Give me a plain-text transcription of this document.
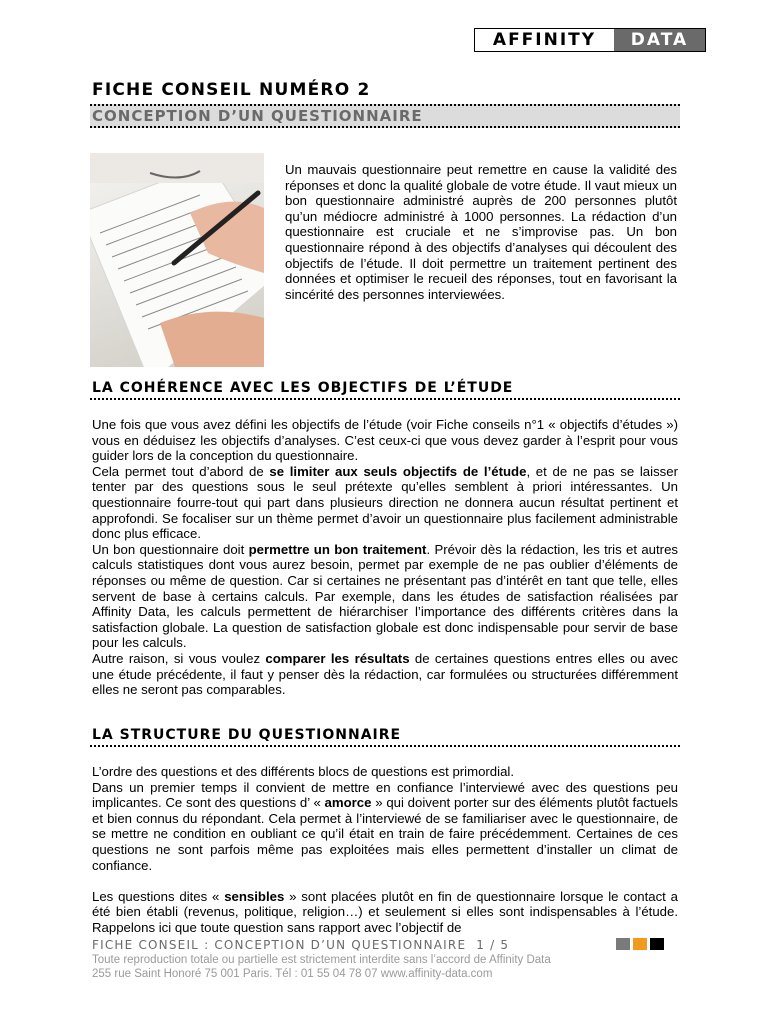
AFFINITY	DATA
FICHE CONSEIL NUMÉRO 2
CONCEPTION D’UN QUESTIONNAIRE
Un mauvais questionnaire peut remettre en cause la validité des réponses et donc la qualité globale de votre étude. Il vaut mieux un bon questionnaire administré auprès de 200 personnes plutôt qu’un médiocre administré à 1000 personnes. La rédaction d’un questionnaire est cruciale et ne s’improvise pas. Un bon questionnaire répond à des objectifs d’analyses qui découlent des objectifs de l’étude. Il doit permettre un traitement pertinent des données et optimiser le recueil des réponses, tout en favorisant la sincérité des personnes interviewées.
LA COHÉRENCE AVEC LES OBJECTIFS DE L’ÉTUDE

Une fois que vous avez défini les objectifs de l’étude (voir Fiche conseils n°1 « objectifs d’études ») vous en déduisez les objectifs d’analyses. C’est ceux-ci que vous devez garder à l’esprit pour vous guider lors de la conception du questionnaire.

Cela permet tout d’abord de se limiter aux seuls objectifs de l’étude, et de ne pas se laisser tenter par des questions sous le seul prétexte qu’elles semblent à priori intéressantes. Un questionnaire fourre-tout qui part dans plusieurs direction ne donnera aucun résultat pertinent et approfondi. Se focaliser sur un thème permet d’avoir un questionnaire plus facilement administrable donc plus efficace.

Un bon questionnaire doit permettre un bon traitement. Prévoir dès la rédaction, les tris et autres calculs statistiques dont vous aurez besoin, permet par exemple de ne pas oublier d’éléments de réponses ou même de question. Car si certaines ne présentant pas d’intérêt en tant que telle, elles servent de base à certains calculs. Par exemple, dans les études de satisfaction réalisées par Affinity Data, les calculs permettent de hiérarchiser l’importance des différents critères dans la satisfaction globale. La question de satisfaction globale est donc indispensable pour servir de base pour les calculs.

Autre raison, si vous voulez comparer les résultats de certaines questions entres elles ou avec une étude précédente, il faut y penser dès la rédaction, car formulées ou structurées différemment elles ne seront pas comparables.

LA STRUCTURE DU QUESTIONNAIRE

L’ordre des questions et des différents blocs de questions est primordial.

Dans un premier temps il convient de mettre en confiance l’interviewé avec des questions peu implicantes. Ce sont des questions d’ « amorce » qui doivent porter sur des éléments plutôt factuels et bien connus du répondant. Cela permet à l’interviewé de se familiariser avec le questionnaire, de se mettre ne condition en oubliant ce qu’il était en train de faire précédemment. Certaines de ces questions ne sont parfois même pas exploitées mais elles permettent d’installer un climat de confiance.

Les questions dites « sensibles » sont placées plutôt en fin de questionnaire lorsque le contact a été bien établi (revenus, politique, religion…) et seulement si elles sont indispensables à l’étude. Rappelons ici que toute question sans rapport avec l’objectif de

FICHE CONSEIL : CONCEPTION D’UN QUESTIONNAIRE 1 / 5
Toute reproduction totale ou partielle est strictement interdite sans l’accord de Affinity Data
255 rue Saint Honoré 75 001 Paris. Tél : 01 55 04 78 07 www.affinity-data.com
